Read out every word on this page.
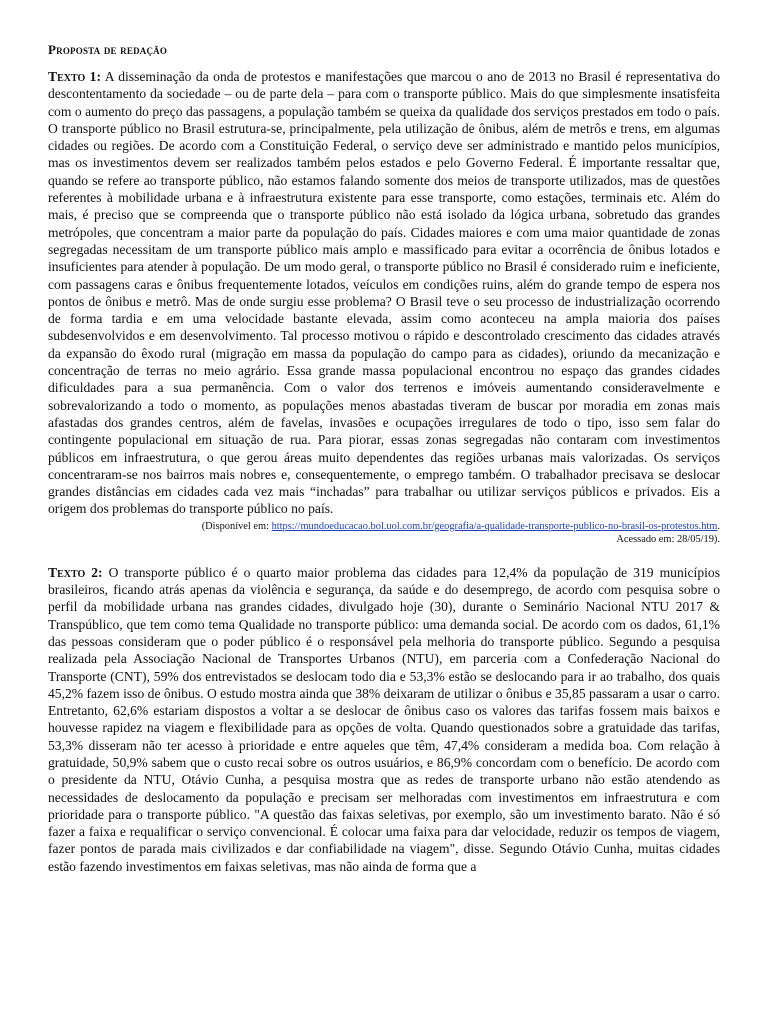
Proposta de redação

Texto 1: A disseminação da onda de protestos e manifestações que marcou o ano de 2013 no Brasil é representativa do descontentamento da sociedade – ou de parte dela – para com o transporte público. Mais do que simplesmente insatisfeita com o aumento do preço das passagens, a população também se queixa da qualidade dos serviços prestados em todo o país. O transporte público no Brasil estrutura-se, principalmente, pela utilização de ônibus, além de metrôs e trens, em algumas cidades ou regiões. De acordo com a Constituição Federal, o serviço deve ser administrado e mantido pelos municípios, mas os investimentos devem ser realizados também pelos estados e pelo Governo Federal. É importante ressaltar que, quando se refere ao transporte público, não estamos falando somente dos meios de transporte utilizados, mas de questões referentes à mobilidade urbana e à infraestrutura existente para esse transporte, como estações, terminais etc. Além do mais, é preciso que se compreenda que o transporte público não está isolado da lógica urbana, sobretudo das grandes metrópoles, que concentram a maior parte da população do país. Cidades maiores e com uma maior quantidade de zonas segregadas necessitam de um transporte público mais amplo e massificado para evitar a ocorrência de ônibus lotados e insuficientes para atender à população. De um modo geral, o transporte público no Brasil é considerado ruim e ineficiente, com passagens caras e ônibus frequentemente lotados, veículos em condições ruins, além do grande tempo de espera nos pontos de ônibus e metrô. Mas de onde surgiu esse problema? O Brasil teve o seu processo de industrialização ocorrendo de forma tardia e em uma velocidade bastante elevada, assim como aconteceu na ampla maioria dos países subdesenvolvidos e em desenvolvimento. Tal processo motivou o rápido e descontrolado crescimento das cidades através da expansão do êxodo rural (migração em massa da população do campo para as cidades), oriundo da mecanização e concentração de terras no meio agrário. Essa grande massa populacional encontrou no espaço das grandes cidades dificuldades para a sua permanência. Com o valor dos terrenos e imóveis aumentando consideravelmente e sobrevalorizando a todo o momento, as populações menos abastadas tiveram de buscar por moradia em zonas mais afastadas dos grandes centros, além de favelas, invasões e ocupações irregulares de todo o tipo, isso sem falar do contingente populacional em situação de rua. Para piorar, essas zonas segregadas não contaram com investimentos públicos em infraestrutura, o que gerou áreas muito dependentes das regiões urbanas mais valorizadas. Os serviços concentraram-se nos bairros mais nobres e, consequentemente, o emprego também. O trabalhador precisava se deslocar grandes distâncias em cidades cada vez mais “inchadas” para trabalhar ou utilizar serviços públicos e privados. Eis a origem dos problemas do transporte público no país.

(Disponível em: https://mundoeducacao.bol.uol.com.br/geografia/a-qualidade-transporte-publico-no-brasil-os-protestos.htm.
Acessado em: 28/05/19).

Texto 2: O transporte público é o quarto maior problema das cidades para 12,4% da população de 319 municípios brasileiros, ficando atrás apenas da violência e segurança, da saúde e do desemprego, de acordo com pesquisa sobre o perfil da mobilidade urbana nas grandes cidades, divulgado hoje (30), durante o Seminário Nacional NTU 2017 & Transpúblico, que tem como tema Qualidade no transporte público: uma demanda social. De acordo com os dados, 61,1% das pessoas consideram que o poder público é o responsável pela melhoria do transporte público. Segundo a pesquisa realizada pela Associação Nacional de Transportes Urbanos (NTU), em parceria com a Confederação Nacional do Transporte (CNT), 59% dos entrevistados se deslocam todo dia e 53,3% estão se deslocando para ir ao trabalho, dos quais 45,2% fazem isso de ônibus. O estudo mostra ainda que 38% deixaram de utilizar o ônibus e 35,85 passaram a usar o carro. Entretanto, 62,6% estariam dispostos a voltar a se deslocar de ônibus caso os valores das tarifas fossem mais baixos e houvesse rapidez na viagem e flexibilidade para as opções de volta. Quando questionados sobre a gratuidade das tarifas, 53,3% disseram não ter acesso à prioridade e entre aqueles que têm, 47,4% consideram a medida boa. Com relação à gratuidade, 50,9% sabem que o custo recai sobre os outros usuários, e 86,9% concordam com o benefício. De acordo com o presidente da NTU, Otávio Cunha, a pesquisa mostra que as redes de transporte urbano não estão atendendo as necessidades de deslocamento da população e precisam ser melhoradas com investimentos em infraestrutura e com prioridade para o transporte público. "A questão das faixas seletivas, por exemplo, são um investimento barato. Não é só fazer a faixa e requalificar o serviço convencional. É colocar uma faixa para dar velocidade, reduzir os tempos de viagem, fazer pontos de parada mais civilizados e dar confiabilidade na viagem", disse. Segundo Otávio Cunha, muitas cidades estão fazendo investimentos em faixas seletivas, mas não ainda de forma que a
